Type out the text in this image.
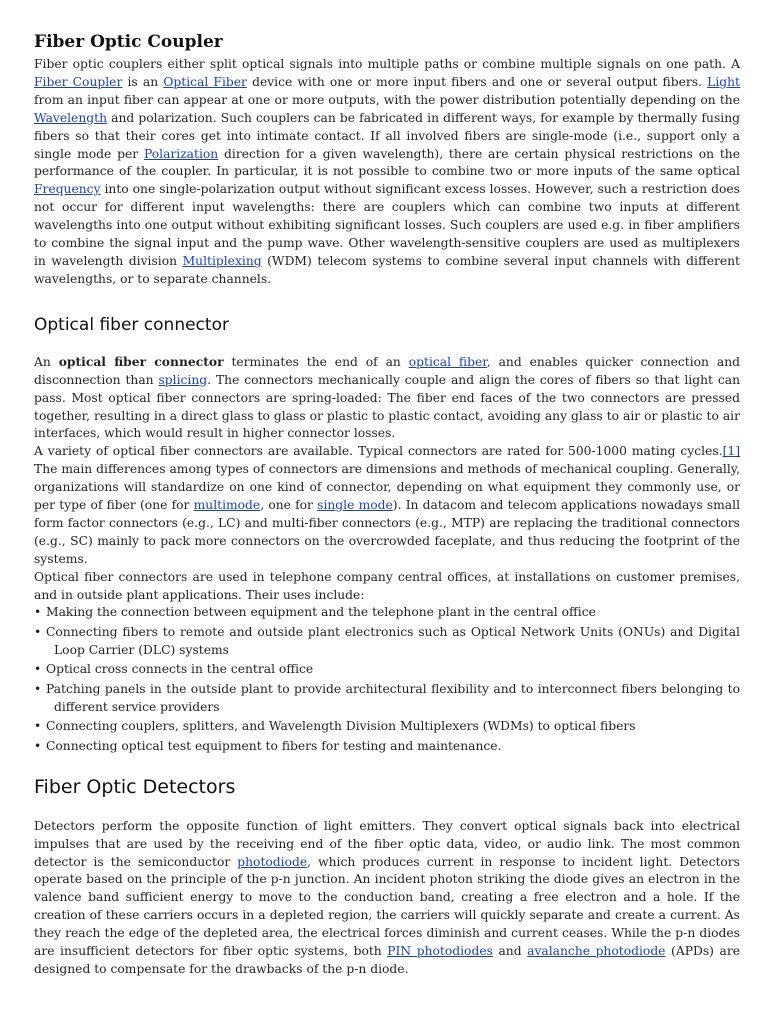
Fiber Optic Coupler

Fiber optic couplers either split optical signals into multiple paths or combine multiple signals on one path. A Fiber Coupler is an Optical Fiber device with one or more input fibers and one or several output fibers. Light from an input fiber can appear at one or more outputs, with the power distribution potentially depending on the Wavelength and polarization. Such couplers can be fabricated in different ways, for example by thermally fusing fibers so that their cores get into intimate contact. If all involved fibers are single-mode (i.e., support only a single mode per Polarization direction for a given wavelength), there are certain physical restrictions on the performance of the coupler. In particular, it is not possible to combine two or more inputs of the same optical Frequency into one single-polarization output without significant excess losses. However, such a restriction does not occur for different input wavelengths: there are couplers which can combine two inputs at different wavelengths into one output without exhibiting significant losses. Such couplers are used e.g. in fiber amplifiers to combine the signal input and the pump wave. Other wavelength-sensitive couplers are used as multiplexers in wavelength division Multiplexing (WDM) telecom systems to combine several input channels with different wavelengths, or to separate channels.

Optical fiber connector

An optical fiber connector terminates the end of an optical fiber, and enables quicker connection and disconnection than splicing. The connectors mechanically couple and align the cores of fibers so that light can pass. Most optical fiber connectors are spring-loaded: The fiber end faces of the two connectors are pressed together, resulting in a direct glass to glass or plastic to plastic contact, avoiding any glass to air or plastic to air interfaces, which would result in higher connector losses.

A variety of optical fiber connectors are available. Typical connectors are rated for 500-1000 mating cycles.[1] The main differences among types of connectors are dimensions and methods of mechanical coupling. Generally, organizations will standardize on one kind of connector, depending on what equipment they commonly use, or per type of fiber (one for multimode, one for single mode). In datacom and telecom applications nowadays small form factor connectors (e.g., LC) and multi-fiber connectors (e.g., MTP) are replacing the traditional connectors (e.g., SC) mainly to pack more connectors on the overcrowded faceplate, and thus reducing the footprint of the systems.

Optical fiber connectors are used in telephone company central offices, at installations on customer premises, and in outside plant applications. Their uses include:

• Making the connection between equipment and the telephone plant in the central office
• Connecting fibers to remote and outside plant electronics such as Optical Network Units (ONUs) and Digital Loop Carrier (DLC) systems
• Optical cross connects in the central office
• Patching panels in the outside plant to provide architectural flexibility and to interconnect fibers belonging to different service providers
• Connecting couplers, splitters, and Wavelength Division Multiplexers (WDMs) to optical fibers
• Connecting optical test equipment to fibers for testing and maintenance.
Fiber Optic Detectors

Detectors perform the opposite function of light emitters. They convert optical signals back into electrical impulses that are used by the receiving end of the fiber optic data, video, or audio link. The most common detector is the semiconductor photodiode, which produces current in response to incident light. Detectors operate based on the principle of the p-n junction. An incident photon striking the diode gives an electron in the valence band sufficient energy to move to the conduction band, creating a free electron and a hole. If the creation of these carriers occurs in a depleted region, the carriers will quickly separate and create a current. As they reach the edge of the depleted area, the electrical forces diminish and current ceases. While the p-n diodes are insufficient detectors for fiber optic systems, both PIN photodiodes and avalanche photodiode (APDs) are designed to compensate for the drawbacks of the p-n diode.
